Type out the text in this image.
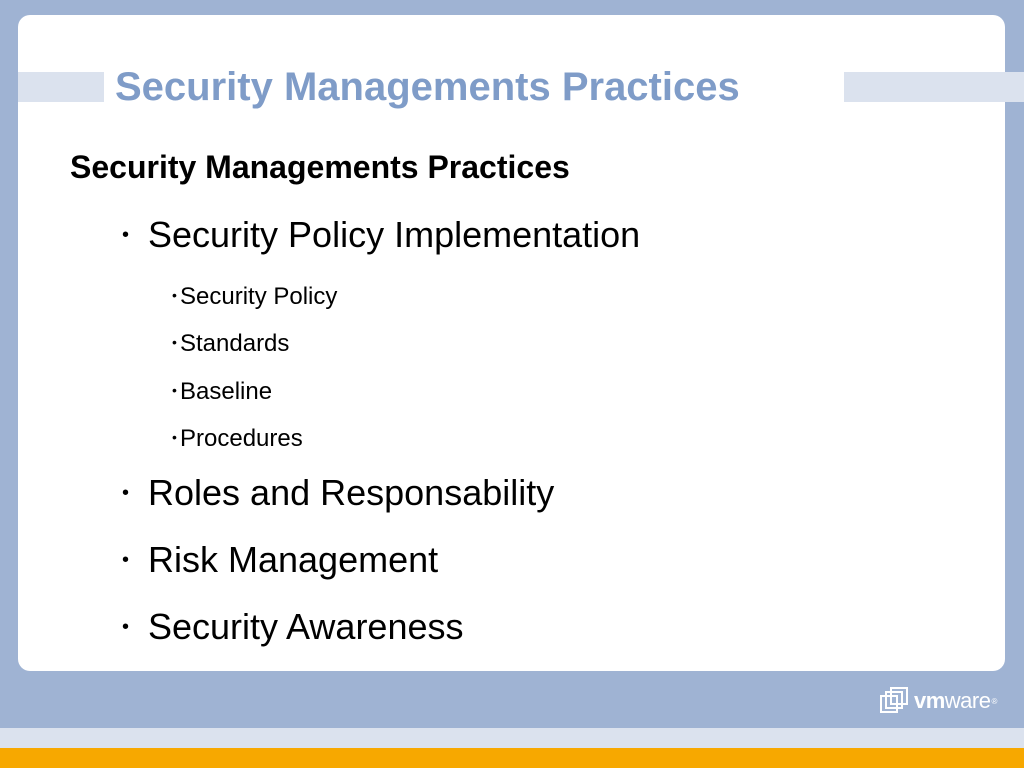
Security Managements Practices
Security Managements Practices
• Security Policy Implementation
• Security Policy
• Standards
• Baseline
• Procedures
• Roles and Responsability
• Risk Management
• Security Awareness
vmware ®
